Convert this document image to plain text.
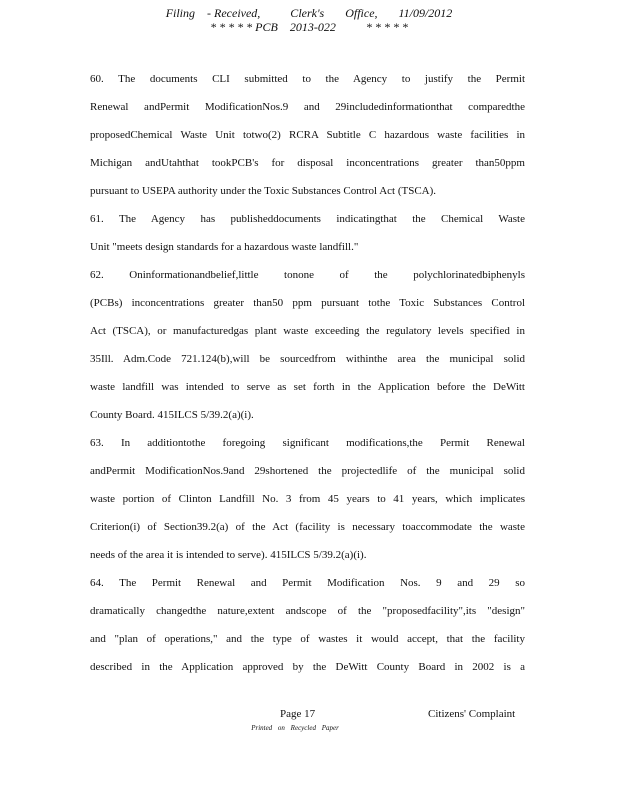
Filing    - Received,          Clerk's       Office,       11/09/2012
* * * * * PCB    2013-022          * * * * *
60. The documents CLI submitted to the Agency to justify the Permit
Renewal andPermit ModificationNos.9 and 29includedinformationthat comparedthe
proposedChemical Waste Unit totwo(2) RCRA Subtitle C hazardous waste facilities in
Michigan andUtahthat tookPCB's for disposal inconcentrations greater than50ppm
pursuant to USEPA authority under the Toxic Substances Control Act (TSCA).
61. The Agency has publisheddocuments indicatingthat the Chemical Waste
Unit "meets design standards for a hazardous waste landfill."
62. Oninformationandbelief,little tonone of the polychlorinatedbiphenyls
(PCBs) inconcentrations greater than50 ppm pursuant tothe Toxic Substances Control
Act (TSCA), or manufacturedgas plant waste exceeding the regulatory levels specified in
35Ill. Adm.Code 721.124(b),will be sourcedfrom withinthe area the municipal solid
waste landfill was intended to serve as set forth in the Application before the DeWitt
County Board. 415ILCS 5/39.2(a)(i).
63. In additiontothe foregoing significant modifications,the Permit Renewal
andPermit ModificationNos.9and 29shortened the projectedlife of the municipal solid
waste portion of Clinton Landfill No. 3 from 45 years to 41 years, which implicates
Criterion(i) of Section39.2(a) of the Act (facility is necessary toaccommodate the waste
needs of the area it is intended to serve). 415ILCS 5/39.2(a)(i).
64. The Permit Renewal and Permit Modification Nos. 9 and 29 so
dramatically changedthe nature,extent andscope of the "proposedfacility",its "design"
and "plan of operations," and the type of wastes it would accept, that the facility
described in the Application approved by the DeWitt County Board in 2002 is a
Page 17	Citizens' Complaint
Printed on Recycled Paper
